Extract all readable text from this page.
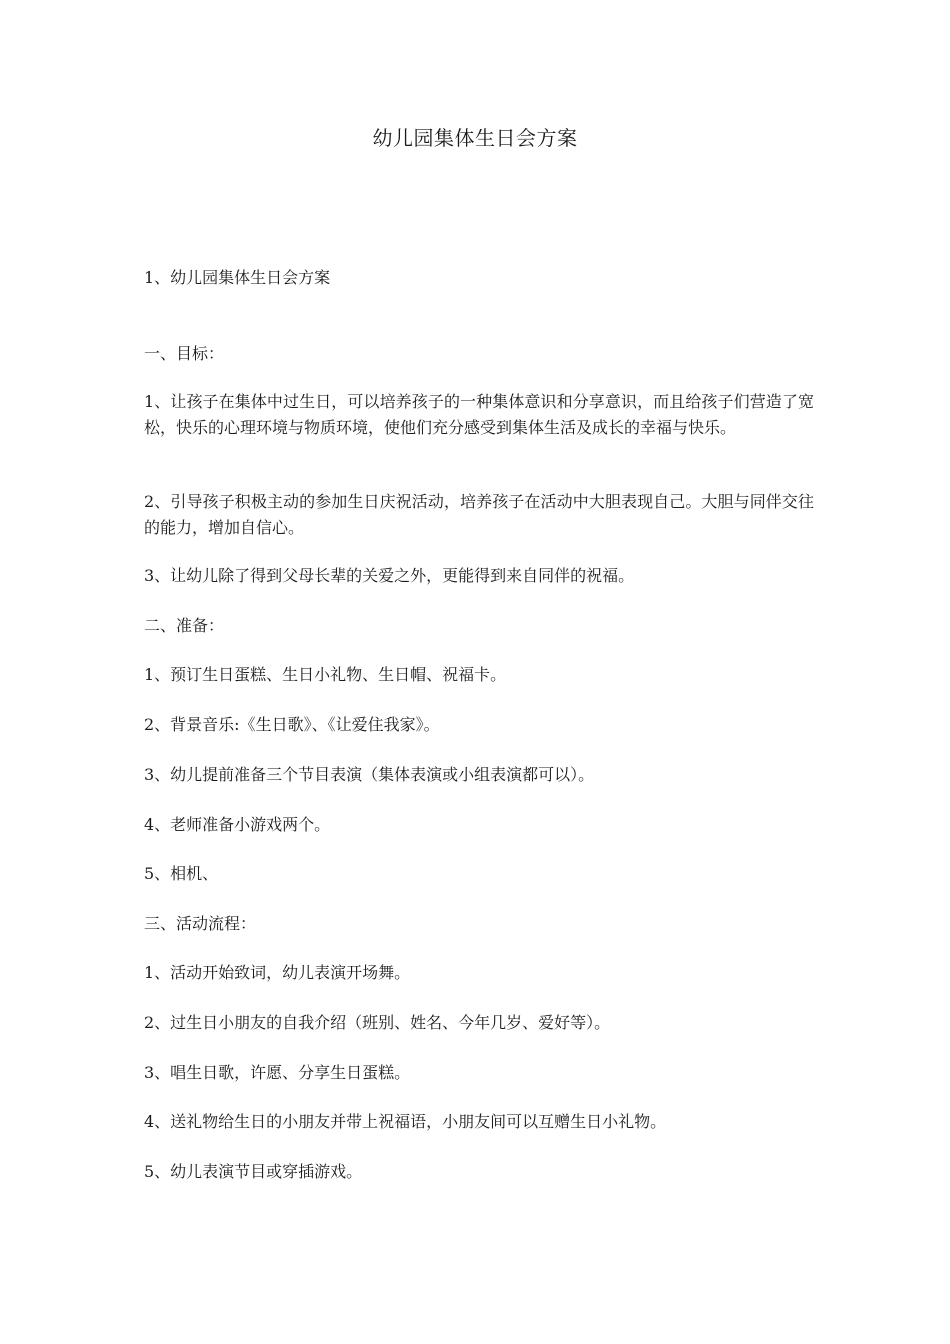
幼儿园集体生日会方案

1、幼儿园集体生日会方案

一、目标：

1、让孩子在集体中过生日，可以培养孩子的一种集体意识和分享意识，而且给孩子们营造了宽松，快乐的心理环境与物质环境，使他们充分感受到集体生活及成长的幸福与快乐。

2、引导孩子积极主动的参加生日庆祝活动，培养孩子在活动中大胆表现自己。大胆与同伴交往的能力，增加自信心。

3、让幼儿除了得到父母长辈的关爱之外，更能得到来自同伴的祝福。

二、准备：

1、预订生日蛋糕、生日小礼物、生日帽、祝福卡。

2、背景音乐:《生日歌》、《让爱住我家》。

3、幼儿提前准备三个节目表演（集体表演或小组表演都可以）。

4、老师准备小游戏两个。

5、相机、

三、活动流程：

1、活动开始致词，幼儿表演开场舞。

2、过生日小朋友的自我介绍（班别、姓名、今年几岁、爱好等）。

3、唱生日歌，许愿、分享生日蛋糕。

4、送礼物给生日的小朋友并带上祝福语，小朋友间可以互赠生日小礼物。

5、幼儿表演节目或穿插游戏。
